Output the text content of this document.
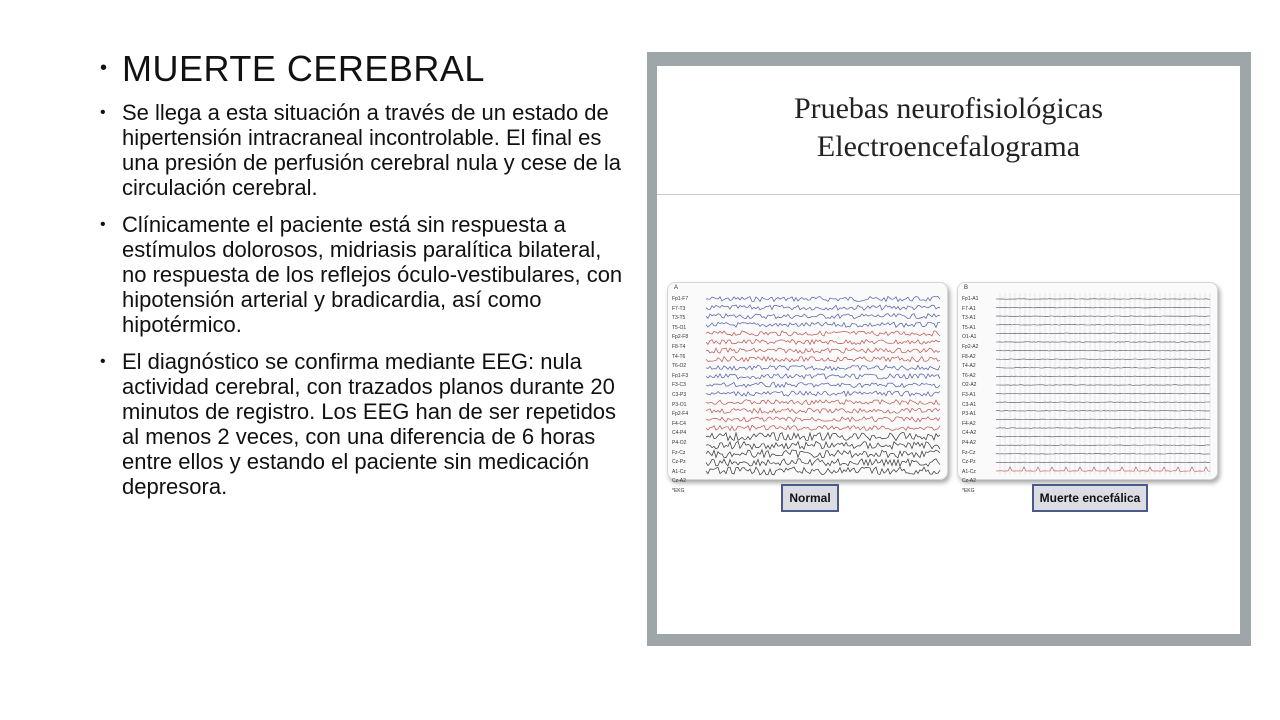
• MUERTE CEREBRAL
• Se llega a esta situación a través de un estado de hipertensión intracraneal incontrolable. El final es una presión de perfusión cerebral nula y cese de la circulación cerebral.

• Clínicamente el paciente está sin respuesta a estímulos dolorosos, midriasis paralítica bilateral, no respuesta de los reflejos óculo-vestibulares, con hipotensión arterial y bradicardia, así como hipotérmico.

• El diagnóstico se confirma mediante EEG: nula actividad cerebral, con trazados planos durante 20 minutos de registro. Los EEG han de ser repetidos al menos 2 veces, con una diferencia de 6 horas entre ellos y estando el paciente sin medicación depresora.

Pruebas neurofisiológicas
Electroencefalograma
A
Fp1-F7
F7-T3
T3-T5
T5-O1
Fp2-F8
F8-T4
T4-T6
T6-O2
Fp1-F3
F3-C3
C3-P3
P3-O1
Fp2-F4
F4-C4
C4-P4
P4-O2
Fz-Cz
Cz-Pz
A1-Cz
Cz-A2
*EKG
B
Fp1-A1
F7-A1
T3-A1
T5-A1
O1-A1
Fp2-A2
F8-A2
T4-A2
T6-A2
O2-A2
F3-A1
C3-A1
P3-A1
F4-A2
C4-A2
P4-A2
Fz-Cz
Cz-Pz
A1-Cz
Cz-A2
*EKG
Normal	Muerte encefálica
